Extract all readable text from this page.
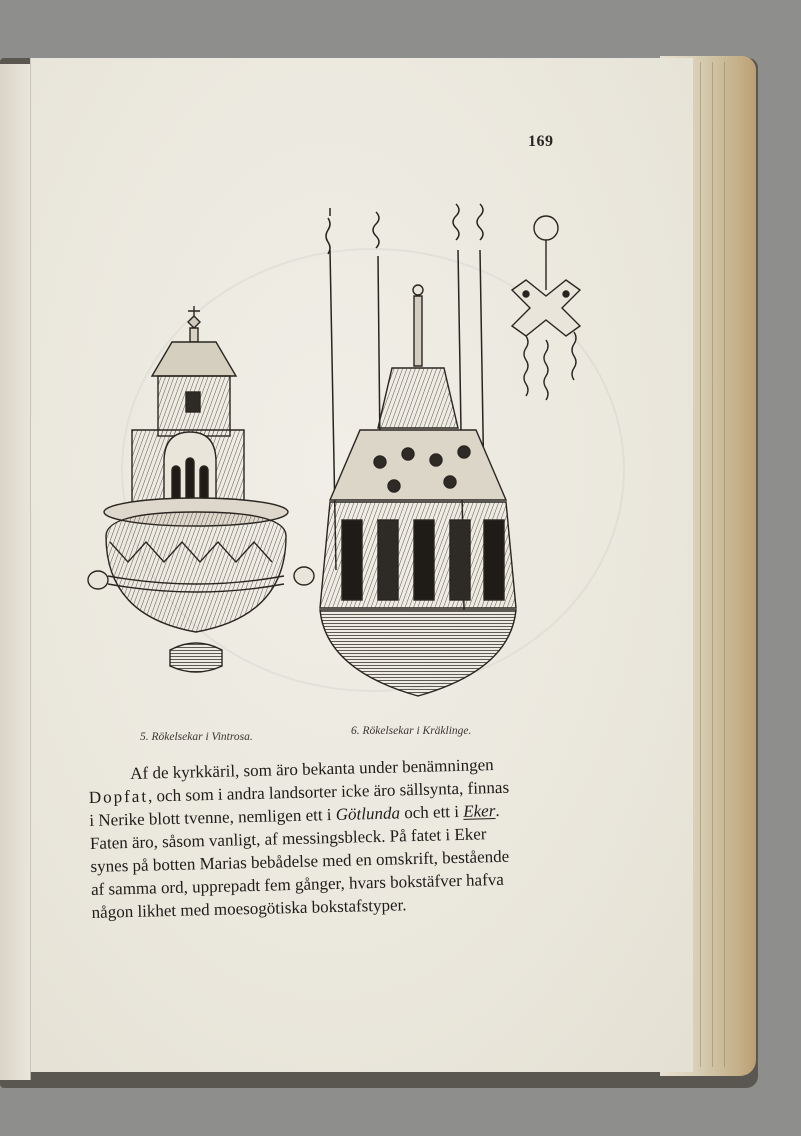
169
5. Rökelsekar i Vintrosa.	6. Rökelsekar i Kräklinge.
Af de kyrkkäril, som äro bekanta under benämningen
Dopfat, och som i andra landsorter icke äro sällsynta, finnas
i Nerike blott tvenne, nemligen ett i Götlunda och ett i Eker.
Faten äro, såsom vanligt, af messingsbleck. På fatet i Eker
synes på botten Marias bebådelse med en omskrift, bestående
af samma ord, upprepadt fem gånger, hvars bokstäfver hafva
någon likhet med moesogötiska bokstafstyper.
